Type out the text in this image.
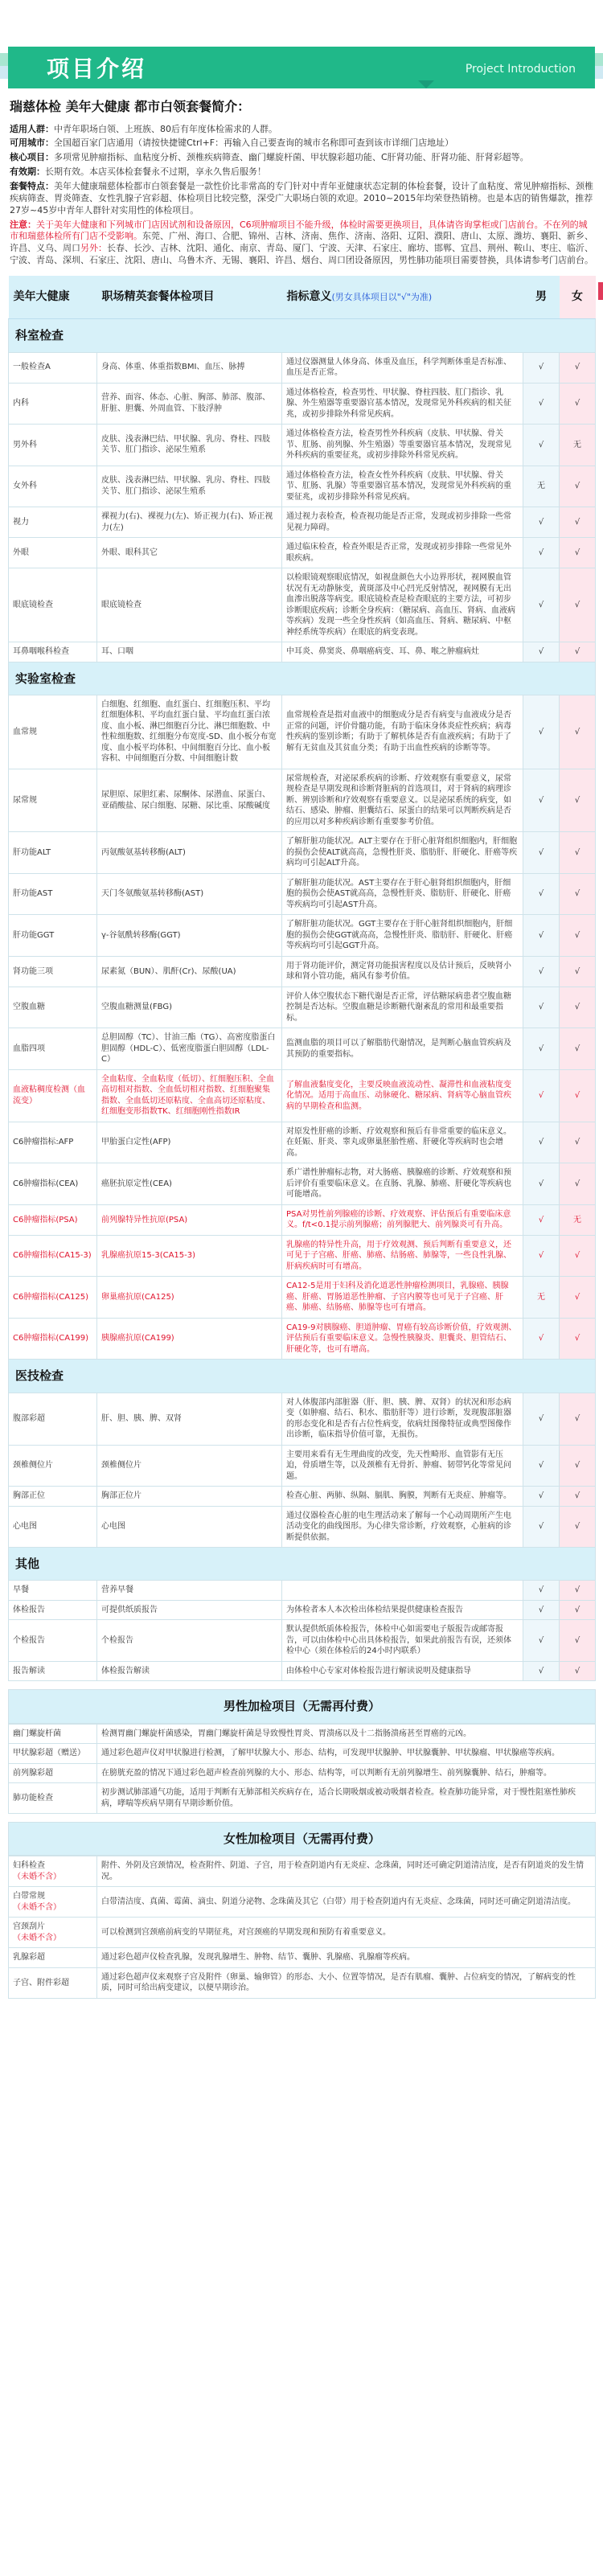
项目介绍	Project Introduction
瑞慈体检 美年大健康 都市白领套餐简介：

适用人群：中青年职场白领、上班族、80后有年度体检需求的人群。

可用城市：全国超百家门店通用（请按快捷键Ctrl+F：再输入自己要查询的城市名称即可查到该市详细门店地址）

核心项目：多项常见肿瘤指标、血粘度分析、颈椎疾病筛查、幽门螺旋杆菌、甲状腺彩超功能、C肝肾功能、肝肾功能、肝肾彩超等。

有效期：长期有效。本店买体检套餐永不过期，享永久售后服务！

套餐特点：美年大健康瑞慈体检都市白领套餐是一款性价比非常高的专门针对中青年亚健康状态定制的体检套餐，设计了血粘度、常见肿瘤指标、颈椎疾病筛查、胃炎筛查、女性乳腺子宫彩超、体检项目比较完整，深受广大职场白领的欢迎。2010~2015年均荣登热销榜。也是本店的销售爆款，推荐27岁~45岁中青年人群针对实用性的体检项目。

注意：关于美年大健康和下列城市门店因试剂和设备原因，C6项肿瘤项目不能升级，体检时需要更换项目，具体请咨询掌柜或门店前台。不在列的城市和瑞慈体检所有门店不受影响。东莞、广州、海口、合肥、锦州、吉林、济南、焦作、济南、洛阳、辽阳、濮阳、唐山、太原、潍坊、襄阳、新乡、许昌、义乌、周口另外：长春、长沙、吉林、沈阳、通化、南京、青岛、厦门、宁波、天津、石家庄、廊坊、邯郸、宜昌、荆州、鞍山、枣庄、临沂、宁波、青岛、深圳、石家庄、沈阳、唐山、乌鲁木齐、无锡、襄阳、许昌、烟台、周口团设备原因，男性肺功能项目需要替换，具体请参考门店前台。

美年大健康	职场精英套餐体检项目	指标意义(男女具体项目以"√"为准)	男	女
科室检查				
一般检查A	身高、体重、体重指数BMI、血压、脉搏	通过仪器测量人体身高、体重及血压，科学判断体重是否标准、血压是否正常。	√	√
内科	营养、面容、体态、心脏、胸部、肺部、腹部、肝脏、胆囊、外周血管、下肢浮肿	通过体格检查，检查男性、甲状腺、脊柱四肢、肛门指诊、乳腺、外生殖器等重要器官基本情况，发现常见外科疾病的相关征兆，或初步排除外科常见疾病。	√	√
男外科	皮肤、浅表淋巴结、甲状腺、乳房、脊柱、四肢关节、肛门指诊、泌尿生殖系	通过体格检查方法，检查男性外科疾病（皮肤、甲状腺、骨关节、肛肠、前列腺、外生殖器）等重要器官基本情况，发现常见外科疾病的重要征兆，或初步排除外科常见疾病。	√	无
女外科	皮肤、浅表淋巴结、甲状腺、乳房、脊柱、四肢关节、肛门指诊、泌尿生殖系	通过体格检查方法，检查女性外科疾病（皮肤、甲状腺、骨关节、肛肠、乳腺）等重要器官基本情况，发现常见外科疾病的重要征兆，或初步排除外科常见疾病。	无	√
视力	裸视力(右)、裸视力(左)、矫正视力(右)、矫正视力(左)	通过视力表检查，检查视功能是否正常，发现或初步排除一些常见视力障碍。	√	√
外眼	外眼、眼科其它	通过临床检查，检查外眼是否正常，发现或初步排除一些常见外眼疾病。	√	√
眼底镜检查	眼底镜检查	以检眼镜观察眼底情况，如视盘颜色大小边界形状，视网膜血管状况有无动静脉变，黄斑部及中心凹光反射情况，视网膜有无出血渗出脱落等病变。眼底镜检查是检查眼底的主要方法，可初步诊断眼底疾病；诊断全身疾病：（糖尿病、高血压、肾病、血液病等疾病）发现一些全身性疾病（如高血压、肾病、糖尿病、中枢神经系统等疾病）在眼底的病变表现。	√	√
耳鼻咽喉科检查	耳、口咽	中耳炎、鼻窦炎、鼻咽癌病变、耳、鼻、喉之肿瘤病灶	√	√
实验室检查				
血常规	白细胞、红细胞、血红蛋白、红细胞压积、平均红细胞体积、平均血红蛋白量、平均血红蛋白浓度、血小板、淋巴细胞百分比、淋巴细胞数、中性粒细胞数、红细胞分布宽度-SD、血小板分布宽度、血小板平均体积、中间细胞百分比、血小板容积、中间细胞百分数、中间细胞计数	血常规检查是指对血液中的细胞成分是否有病变与血液成分是否正常的问题，评价骨髓功能，有助于临床身体炎症性疾病；病毒性疾病的鉴别诊断；有助于了解机体是否有血液疾病；有助于了解有无贫血及其贫血分类；有助于出血性疾病的诊断等等。	√	√
尿常规	尿胆原、尿胆红素、尿酮体、尿潜血、尿蛋白、亚硝酸盐、尿白细胞、尿糖、尿比重、尿酸碱度	尿常规检查，对泌尿系疾病的诊断、疗效观察有重要意义，尿常规检查是早期发现和诊断肾脏病的首选项目，对于肾病的病理诊断、辨别诊断和疗效观察有重要意义。以是泌尿系统的病变，如结石、感染、肿瘤、胆囊结石、尿蛋白的结果可以判断疾病是否的应用以对多种疾病诊断有重要参考价值。	√	√
肝功能ALT	丙氨酸氨基转移酶(ALT)	了解肝脏功能状况。ALT主要存在于肝心脏肾组织细胞内，肝细胞的损伤会使ALT就高高，急慢性肝炎、脂肪肝、肝硬化、肝癌等疾病均可引起ALT升高。	√	√
肝功能AST	天门冬氨酸氨基转移酶(AST)	了解肝脏功能状况。AST主要存在于肝心脏肾组织细胞内，肝细胞的损伤会使AST就高高，急慢性肝炎、脂肪肝、肝硬化、肝癌等疾病均可引起AST升高。	√	√
肝功能GGT	γ-谷氨酰转移酶(GGT)	了解肝脏功能状况。GGT主要存在于肝心脏肾组织细胞内，肝细胞的损伤会使GGT就高高，急慢性肝炎、脂肪肝、肝硬化、肝癌等疾病均可引起GGT升高。	√	√
肾功能三项	尿素氮（BUN）、肌酐(Cr)、尿酸(UA)	用于肾功能评价，测定肾功能损害程度以及估计预后，反映肾小球和肾小管功能，痛风有参考价值。	√	√
空腹血糖	空腹血糖测量(FBG)	评价人体空腹状态下糖代谢是否正常，评估糖尿病患者空腹血糖控制是否达标。空腹血糖是诊断糖代谢紊乱的常用和最重要指标。	√	√
血脂四项	总胆固醇（TC）、甘油三酯（TG）、高密度脂蛋白胆固醇（HDL-C）、低密度脂蛋白胆固醇（LDL-C）	监测血脂的项目可以了解脂肪代谢情况，是判断心脑血管疾病及其预防的重要指标。	√	√
血液粘稠度检测（血流变）	全血粘度、全血粘度（低切）、红细胞压积、全血高切相对指数、全血低切相对指数、红细胞聚集指数、全血低切还原粘度、全血高切还原粘度、红细胞变形指数TK、红细胞刚性指数IR	了解血液黏度变化，主要反映血液流动性、凝滞性和血液粘度变化情况。适用于高血压、动脉硬化、糖尿病、肾病等心脑血管疾病的早期检查和监测。	√	√
C6肿瘤指标:AFP	甲胎蛋白定性(AFP)	对原发性肝癌的诊断、疗效观察和预后有非常重要的临床意义。在妊娠、肝炎、睾丸或卵巢胚胎性癌、肝硬化等疾病时也会增高。	√	√
C6肿瘤指标(CEA)	癌胚抗原定性(CEA)	系广谱性肿瘤标志物，对大肠癌、胰腺癌的诊断、疗效观察和预后评价有重要临床意义。在直肠、乳腺、肺癌、肝硬化等疾病也可能增高。	√	√
C6肿瘤指标(PSA)	前列腺特异性抗原(PSA)	PSA对男性前列腺癌的诊断、疗效观察、评估预后有重要临床意义。f/t<0.1提示前列腺癌；前列腺肥大、前列腺炎可有升高。	√	无
C6肿瘤指标(CA15-3)	乳腺癌抗原15-3(CA15-3)	乳腺癌的特异性升高，用于疗效观测、预后判断有重要意义，还可见于子宫癌、肝癌、肺癌、结肠癌、肺腺等，一些良性乳腺、肝病疾病时可有增高。	√	√
C6肿瘤指标(CA125)	卵巢癌抗原(CA125)	CA12-5是用于妇科及消化道恶性肿瘤检测项目，乳腺癌、胰腺癌、肝癌、胃肠道恶性肿瘤、子宫内膜等也可见于子宫癌、肝癌、肺癌、结肠癌、肺腺等也可有增高。	无	√
C6肿瘤指标(CA199)	胰腺癌抗原(CA199)	CA19-9对胰腺癌、胆道肿瘤、胃癌有较高诊断价值，疗效观测、评估预后有重要临床意义。急慢性胰腺炎、胆囊炎、胆管结石、肝硬化等，也可有增高。	√	√
医技检查				
腹部彩超	肝、胆、胰、脾、双肾	对人体腹部内部脏器（肝、胆、胰、脾、双肾）的状况和形态病变（如肿瘤、结石、积水、脂肪肝等）进行诊断，发现腹部脏器的形态变化和是否有占位性病变，依病灶图像特征或典型图像作出诊断，临床指导价值可靠，无损伤。	√	√
颈椎侧位片	颈椎侧位片	主要用来看有无生理曲度的改变，先天性畸形、血管影有无压迫，骨质增生等，以及颈椎有无骨折、肿瘤、韧带钙化等常见问题。	√	√
胸部正位	胸部正位片	检查心脏、两肺、纵隔、膈肌、胸膜，判断有无炎症、肿瘤等。	√	√
心电图	心电图	通过仪器检查心脏的电生理活动来了解每一个心动周期所产生电活动变化的曲线图形。为心律失常诊断，疗效观察，心脏病的诊断提供依据。	√	√
其他				
早餐	营养早餐		√	√
体检报告	可提供纸质报告	为体检者本人本次检出体检结果提供健康检查报告	√	√
个检报告	个检报告	默认提供纸质体检报告，体检中心如需要电子版报告或邮寄报告，可以由体检中心出具体检报告，如果此前报告有误，还须体检中心（须在体检后的24小时内联系）	√	√
报告解读	体检报告解读	由体检中心专家对体检报告进行解读说明及健康指导	√	√
男性加检项目（无需再付费）
幽门螺旋杆菌	检测胃幽门螺旋杆菌感染，胃幽门螺旋杆菌是导致慢性胃炎、胃溃疡以及十二指肠溃疡甚至胃癌的元凶。
甲状腺彩超（赠送）	通过彩色超声仪对甲状腺进行检测，了解甲状腺大小、形态、结构，可发现甲状腺肿、甲状腺囊肿、甲状腺瘤、甲状腺癌等疾病。
前列腺彩超	在膀胱充盈的情况下通过彩色超声检查前列腺的大小、形态、结构等，可以判断有无前列腺增生、前列腺囊肿、结石，肿瘤等。
肺功能检查	初步测试肺部通气功能，适用于判断有无肺部相关疾病存在，适合长期吸烟或被动吸烟者检查。检查肺功能异常，对于慢性阻塞性肺疾病，哮喘等疾病早期有早期诊断价值。
女性加检项目（无需再付费）
妇科检查（未婚不含）	附件、外阴及宫颈情况，检查附件、阴道、子宫，用于检查阴道内有无炎症、念珠菌，同时还可确定阴道清洁度，是否有阴道炎的发生情况。
白带常规（未婚不含）	白带清洁度、真菌、霉菌、滴虫、阴道分泌物、念珠菌及其它（白带）用于检查阴道内有无炎症、念珠菌，同时还可确定阴道清洁度。
宫颈刮片（未婚不含）	可以检测到宫颈癌前病变的早期征兆，对宫颈癌的早期发现和预防有着重要意义。
乳腺彩超	通过彩色超声仪检查乳腺，发现乳腺增生、肿物、结节、囊肿、乳腺癌、乳腺瘤等疾病。
子宫、附件彩超	通过彩色超声仪来观察子宫及附件（卵巢、输卵管）的形态、大小、位置等情况，是否有肌瘤、囊肿、占位病变的情况，了解病变的性质，同时可给出病变建议，以便早期诊治。
